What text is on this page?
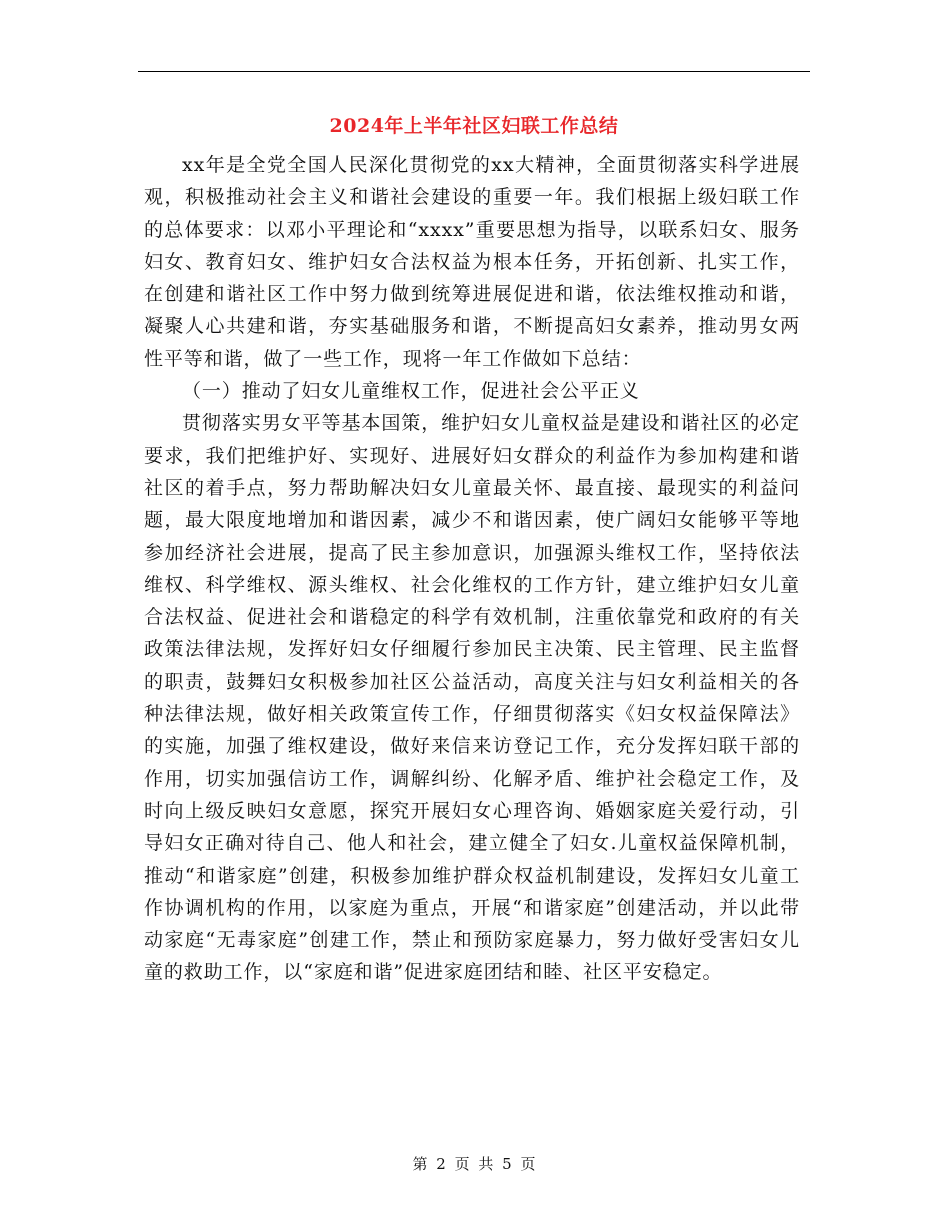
2024年上半年社区妇联工作总结

xx年是全党全国人民深化贯彻党的xx大精神，全面贯彻落实科学进展观，积极推动社会主义和谐社会建设的重要一年。我们根据上级妇联工作的总体要求：以邓小平理论和“xxxx”重要思想为指导，以联系妇女、服务妇女、教育妇女、维护妇女合法权益为根本任务，开拓创新、扎实工作，在创建和谐社区工作中努力做到统筹进展促进和谐，依法维权推动和谐，凝聚人心共建和谐，夯实基础服务和谐，不断提高妇女素养，推动男女两性平等和谐，做了一些工作，现将一年工作做如下总结：

（一）推动了妇女儿童维权工作，促进社会公平正义

贯彻落实男女平等基本国策，维护妇女儿童权益是建设和谐社区的必定要求，我们把维护好、实现好、进展好妇女群众的利益作为参加构建和谐社区的着手点，努力帮助解决妇女儿童最关怀、最直接、最现实的利益问题，最大限度地增加和谐因素，减少不和谐因素，使广阔妇女能够平等地参加经济社会进展，提高了民主参加意识，加强源头维权工作，坚持依法维权、科学维权、源头维权、社会化维权的工作方针，建立维护妇女儿童合法权益、促进社会和谐稳定的科学有效机制，注重依靠党和政府的有关政策法律法规，发挥好妇女仔细履行参加民主决策、民主管理、民主监督的职责，鼓舞妇女积极参加社区公益活动，高度关注与妇女利益相关的各种法律法规，做好相关政策宣传工作，仔细贯彻落实《妇女权益保障法》的实施，加强了维权建设，做好来信来访登记工作，充分发挥妇联干部的作用，切实加强信访工作，调解纠纷、化解矛盾、维护社会稳定工作，及时向上级反映妇女意愿，探究开展妇女心理咨询、婚姻家庭关爱行动，引导妇女正确对待自己、他人和社会，建立健全了妇女.儿童权益保障机制，推动“和谐家庭”创建，积极参加维护群众权益机制建设，发挥妇女儿童工作协调机构的作用，以家庭为重点，开展“和谐家庭”创建活动，并以此带动家庭“无毒家庭”创建工作，禁止和预防家庭暴力，努力做好受害妇女儿童的救助工作，以“家庭和谐”促进家庭团结和睦、社区平安稳定。

第 2 页 共 5 页
